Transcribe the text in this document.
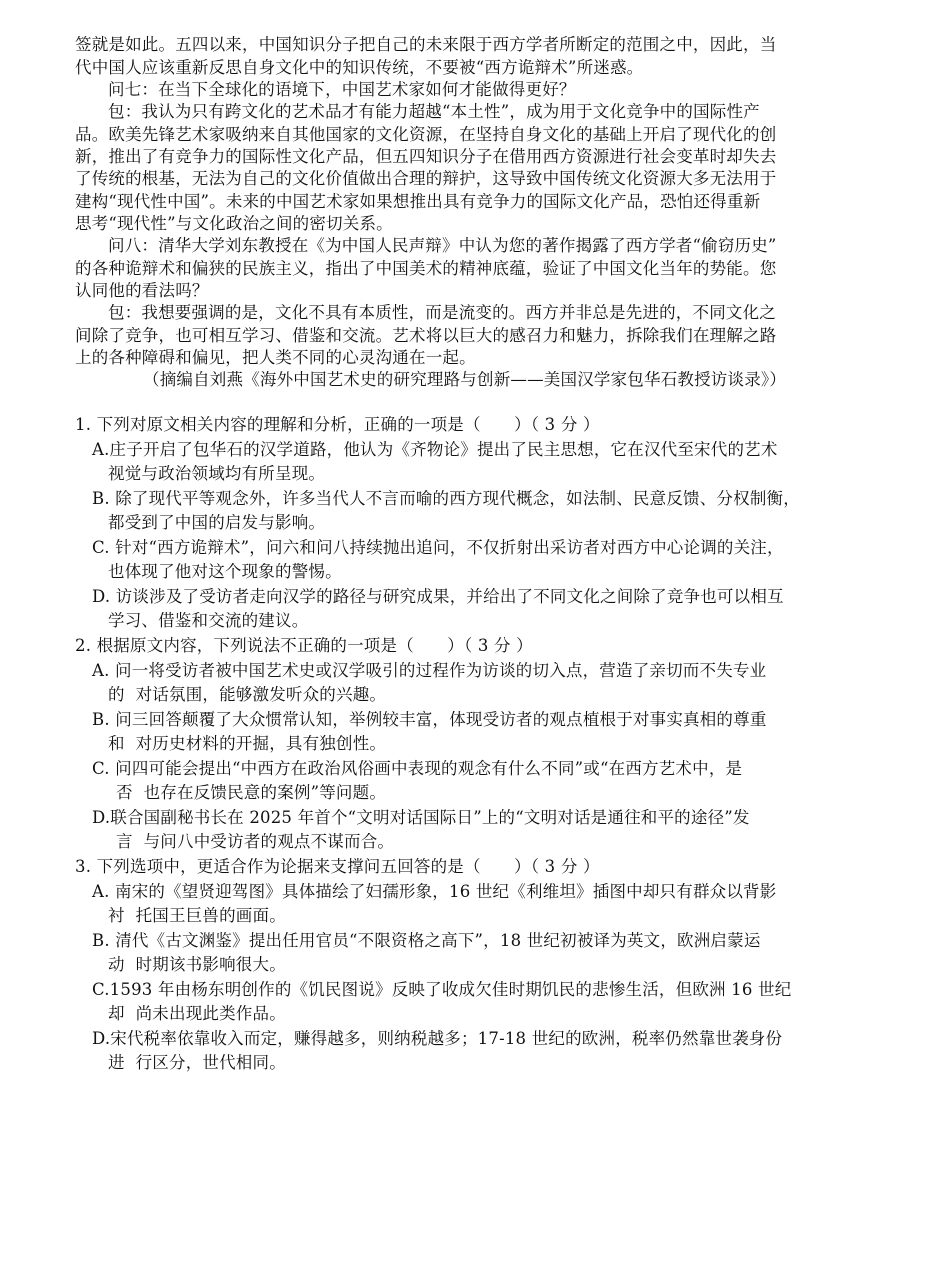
签就是如此。五四以来，中国知识分子把自己的未来限于西方学者所断定的范围之中，因此，当
代中国人应该重新反思自身文化中的知识传统，不要被“西方诡辩术”所迷惑。
问七：在当下全球化的语境下，中国艺术家如何才能做得更好？
包：我认为只有跨文化的艺术品才有能力超越“本土性”，成为用于文化竞争中的国际性产
品。欧美先锋艺术家吸纳来自其他国家的文化资源，在坚持自身文化的基础上开启了现代化的创
新，推出了有竞争力的国际性文化产品，但五四知识分子在借用西方资源进行社会变革时却失去
了传统的根基，无法为自己的文化价值做出合理的辩护，这导致中国传统文化资源大多无法用于
建构“现代性中国”。未来的中国艺术家如果想推出具有竞争力的国际文化产品，恐怕还得重新
思考“现代性”与文化政治之间的密切关系。
问八：清华大学刘东教授在《为中国人民声辩》中认为您的著作揭露了西方学者“偷窃历史”
的各种诡辩术和偏狭的民族主义，指出了中国美术的精神底蕴，验证了中国文化当年的势能。您
认同他的看法吗？
包：我想要强调的是，文化不具有本质性，而是流变的。西方并非总是先进的，不同文化之
间除了竞争，也可相互学习、借鉴和交流。艺术将以巨大的感召力和魅力，拆除我们在理解之路
上的各种障碍和偏见，把人类不同的心灵沟通在一起。
（摘编自刘燕《海外中国艺术史的研究理路与创新——美国汉学家包华石教授访谈录》）
1. 下列对原文相关内容的理解和分析，正确的一项是（　　）（ 3 分 ）
A.庄子开启了包华石的汉学道路，他认为《齐物论》提出了民主思想，它在汉代至宋代的艺术
视觉与政治领域均有所呈现。
B. 除了现代平等观念外，许多当代人不言而喻的西方现代概念，如法制、民意反馈、分权制衡，
都受到了中国的启发与影响。
C. 针对“西方诡辩术”，问六和问八持续抛出追问，不仅折射出采访者对西方中心论调的关注，
也体现了他对这个现象的警惕。
D. 访谈涉及了受访者走向汉学的路径与研究成果，并给出了不同文化之间除了竞争也可以相互
学习、借鉴和交流的建议。
2. 根据原文内容，下列说法不正确的一项是（　　）（ 3 分 ）
A. 问一将受访者被中国艺术史或汉学吸引的过程作为访谈的切入点，营造了亲切而不失专业
的  对话氛围，能够激发听众的兴趣。
B. 问三回答颠覆了大众惯常认知，举例较丰富，体现受访者的观点植根于对事实真相的尊重
和  对历史材料的开掘，具有独创性。
C. 问四可能会提出“中西方在政治风俗画中表现的观念有什么不同”或“在西方艺术中，是
否  也存在反馈民意的案例”等问题。
D.联合国副秘书长在 2025 年首个“文明对话国际日”上的“文明对话是通往和平的途径”发
言  与问八中受访者的观点不谋而合。
3. 下列选项中，更适合作为论据来支撑问五回答的是（　　）（ 3 分 ）
A. 南宋的《望贤迎驾图》具体描绘了妇孺形象，16 世纪《利维坦》插图中却只有群众以背影
衬  托国王巨兽的画面。
B. 清代《古文渊鉴》提出任用官员“不限资格之高下”，18 世纪初被译为英文，欧洲启蒙运
动  时期该书影响很大。
C.1593 年由杨东明创作的《饥民图说》反映了收成欠佳时期饥民的悲惨生活，但欧洲 16 世纪
却  尚未出现此类作品。
D.宋代税率依靠收入而定，赚得越多，则纳税越多；17-18 世纪的欧洲，税率仍然靠世袭身份
进  行区分，世代相同。
